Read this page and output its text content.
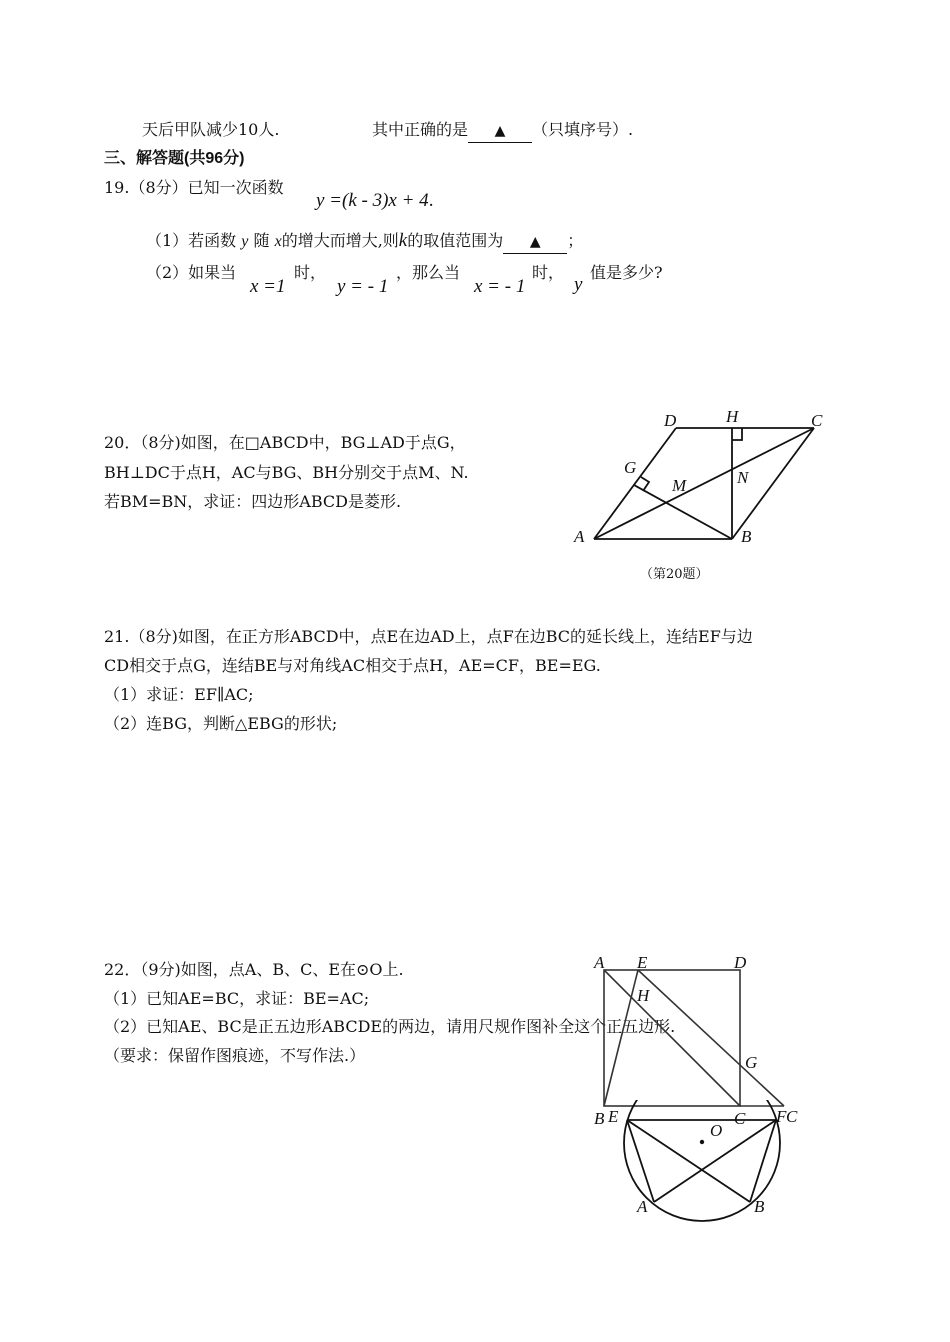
天后甲队减少10人.	其中正确的是 ▲ （只填序号）.
三、解答题(共96分)
19.（8分）已知一次函数
y =(k - 3)x + 4.
（1）若函数 y 随 x的增大而增大,则k的取值范围为 ▲ ；
（2）如果当
x =1
时，
y = - 1
，那么当
x = - 1
时，
y
值是多少?
20．（8分)如图，在□ABCD中，BG⊥AD于点G，
BH⊥DC于点H，AC与BG、BH分别交于点M、N.
若BM=BN，求证：四边形ABCD是菱形.
D	H	C
G
M	N
A	B
（第20题）
21.（8分)如图，在正方形ABCD中，点E在边AD上，点F在边BC的延长线上，连结EF与边
CD相交于点G，连结BE与对角线AC相交于点H，AE=CF，BE=EG.
（1）求证：EF∥AC;
（2）连BG，判断△EBG的形状;
22．（9分)如图，点A、B、C、E在⊙O上.
（1）已知AE=BC，求证：BE=AC;
（2）已知AE、BC是正五边形ABCDE的两边，请用尺规作图补全这个正五边形.
（要求：保留作图痕迹，不写作法.）
A E	D
H
G
B	C F
E
O
C
A	B
